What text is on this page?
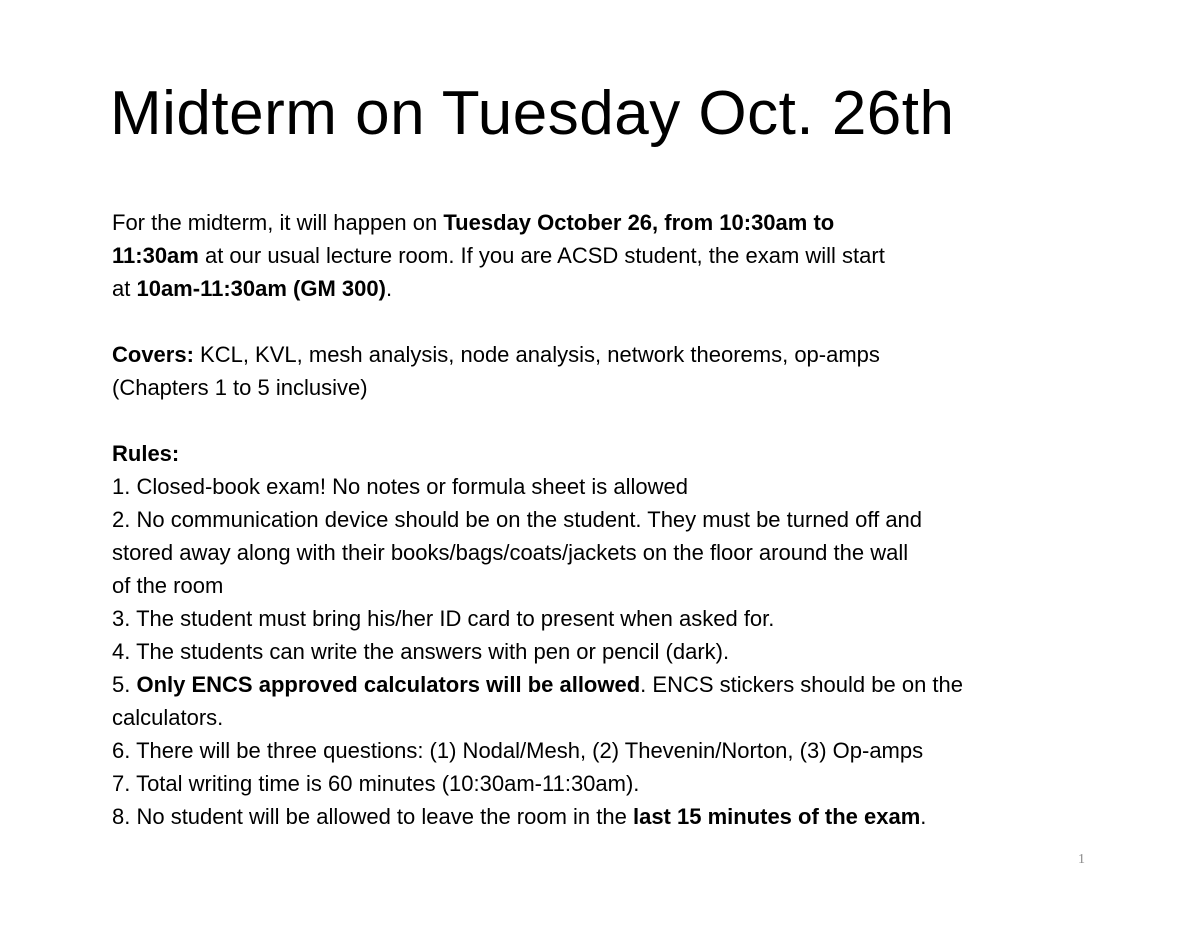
Midterm on Tuesday Oct. 26th

For the midterm, it will happen on Tuesday October 26, from 10:30am to

11:30am at our usual lecture room. If you are ACSD student, the exam will start

at 10am-11:30am (GM 300).

Covers: KCL, KVL, mesh analysis, node analysis, network theorems, op-amps

(Chapters 1 to 5 inclusive)

Rules:

1. Closed-book exam! No notes or formula sheet is allowed

2. No communication device should be on the student. They must be turned off and

stored away along with their books/bags/coats/jackets on the floor around the wall

of the room

3. The student must bring his/her ID card to present when asked for.

4. The students can write the answers with pen or pencil (dark).

5. Only ENCS approved calculators will be allowed. ENCS stickers should be on the

calculators.

6. There will be three questions: (1) Nodal/Mesh, (2) Thevenin/Norton, (3) Op-amps

7. Total writing time is 60 minutes (10:30am-11:30am).

8. No student will be allowed to leave the room in the last 15 minutes of the exam.

1
